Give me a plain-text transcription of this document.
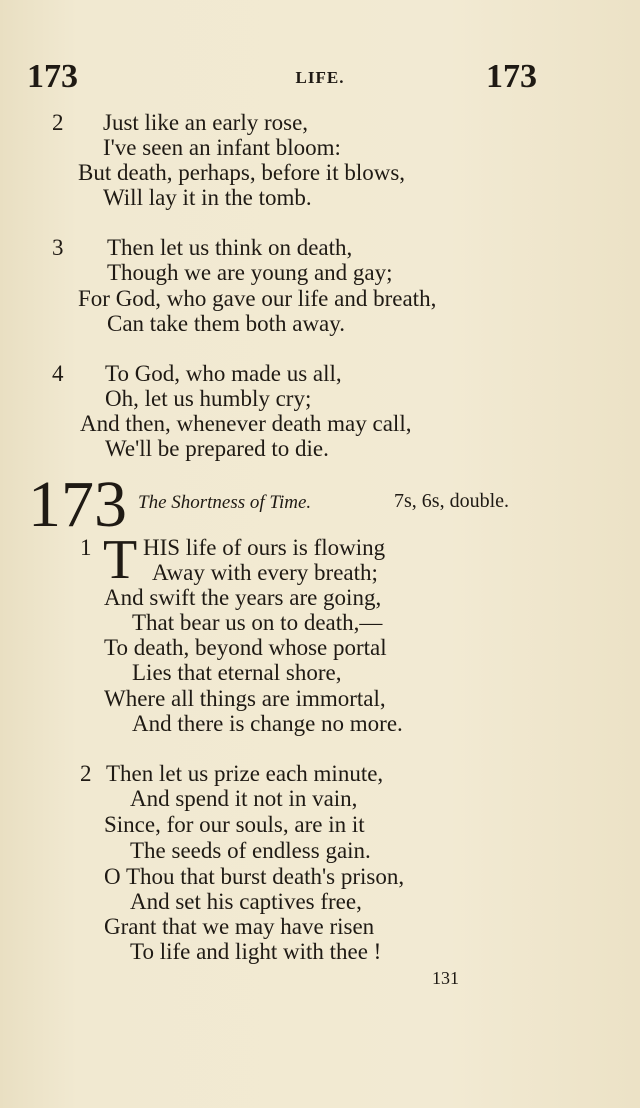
173	LIFE.	173
2 Just like an early rose,
I've seen an infant bloom:
But death, perhaps, before it blows,
Will lay it in the tomb.
3 Then let us think on death,
Though we are young and gay;
For God, who gave our life and breath,
Can take them both away.
4 To God, who made us all,
Oh, let us humbly cry;
And then, whenever death may call,
We'll be prepared to die.
173 The Shortness of Time.	7s, 6s, double.
1 T HIS life of ours is flowing
Away with every breath;
And swift the years are going,
That bear us on to death,—
To death, beyond whose portal
Lies that eternal shore,
Where all things are immortal,
And there is change no more.
2 Then let us prize each minute,
And spend it not in vain,
Since, for our souls, are in it
The seeds of endless gain.
O Thou that burst death's prison,
And set his captives free,
Grant that we may have risen
To life and light with thee !
131
